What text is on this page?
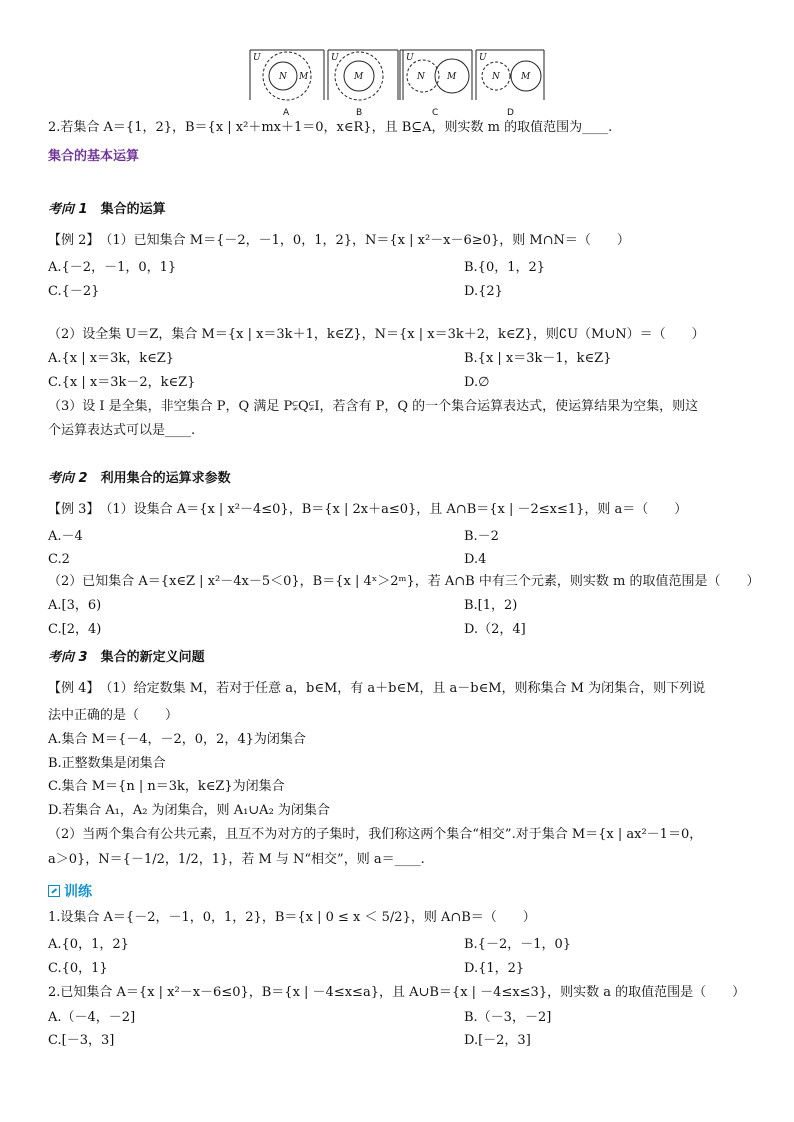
U
N M
U
M
U
N M
U
N M
A	B	C	D
2.若集合 A＝{1，2}，B＝{x | x²＋mx＋1＝0，x∈R}，且 B⊆A，则实数 m 的取值范围为____.
集合的基本运算
考向 1　 集合的运算
【例 2】　（1）已知集合 M＝{－2，－1，0，1，2}，N＝{x | x²－x－6≥0}，则 M∩N＝（　　）
A.{－2，－1，0，1}	B.{0，1，2}
C.{－2}	D.{2}
（2）设全集 U＝Z，集合 M＝{x | x＝3k＋1，k∈Z}，N＝{x | x＝3k＋2，k∈Z}，则∁U（M∪N）＝（　　）
A.{x | x＝3k，k∈Z}	B.{x | x＝3k－1，k∈Z}
C.{x | x＝3k－2，k∈Z}	D.∅
（3）设 I 是全集，非空集合 P，Q 满足 P⫋Q⫋I，若含有 P，Q 的一个集合运算表达式，使运算结果为空集，则这
个运算表达式可以是____.
考向 2　 利用集合的运算求参数
【例 3】　（1）设集合 A＝{x | x²－4≤0}，B＝{x | 2x＋a≤0}，且 A∩B＝{x | －2≤x≤1}，则 a＝（　　）
A.－4	B.－2
C.2	D.4
（2）已知集合 A＝{x∈Z | x²－4x－5＜0}，B＝{x | 4ˣ＞2ᵐ}，若 A∩B 中有三个元素，则实数 m 的取值范围是（　　）
A.[3，6)	B.[1，2)
C.[2，4)	D.（2，4]
考向 3　 集合的新定义问题
【例 4】　（1）给定数集 M，若对于任意 a，b∈M，有 a＋b∈M，且 a－b∈M，则称集合 M 为闭集合，则下列说
法中正确的是（　　）
A.集合 M＝{－4，－2，0，2，4}为闭集合
B.正整数集是闭集合
C.集合 M＝{n | n＝3k，k∈Z}为闭集合
D.若集合 A₁，A₂ 为闭集合，则 A₁∪A₂ 为闭集合
（2）当两个集合有公共元素，且互不为对方的子集时，我们称这两个集合“相交”.对于集合 M＝{x | ax²－1＝0，
a＞0}，N＝{－1/2，1/2，1}，若 M 与 N“相交”，则 a＝____.
训练
1.设集合 A＝{－2，－1，0，1，2}，B＝{x | 0 ≤ x ＜ 5/2}，则 A∩B＝（　　）
A.{0，1，2}	B.{－2，－1，0}
C.{0，1}	D.{1，2}
2.已知集合 A＝{x | x²－x－6≤0}，B＝{x | －4≤x≤a}，且 A∪B＝{x | －4≤x≤3}，则实数 a 的取值范围是（　　）
A.（－4，－2]	B.（－3，－2]
C.[－3，3]	D.[－2，3]
